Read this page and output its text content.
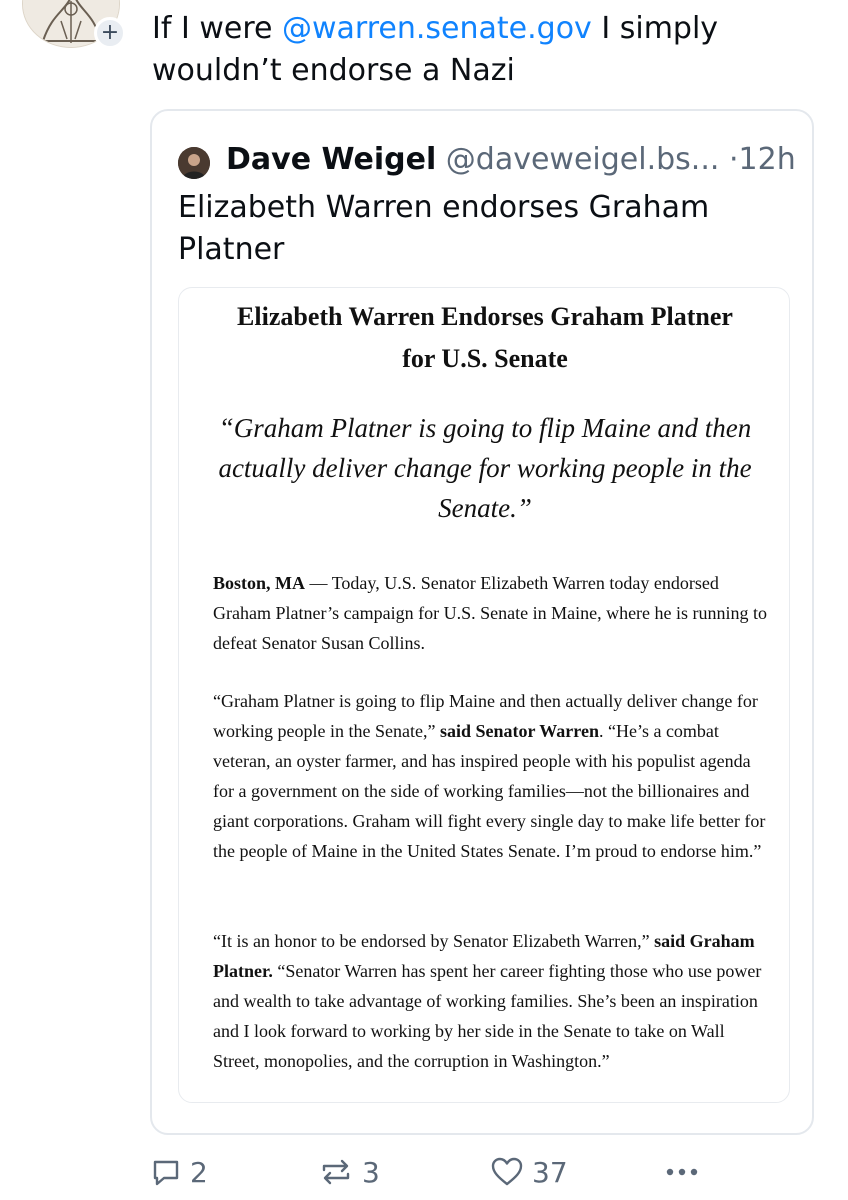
+ If I were @warren.senate.gov I simply wouldn’t endorse a Nazi

Dave Weigel @daveweigel.bs... ·12h

Elizabeth Warren endorses Graham Platner

Elizabeth Warren Endorses Graham Platner for U.S. Senate

“Graham Platner is going to flip Maine and then actually deliver change for working people in the Senate.”

Boston, MA — Today, U.S. Senator Elizabeth Warren today endorsed Graham Platner’s campaign for U.S. Senate in Maine, where he is running to defeat Senator Susan Collins.

“Graham Platner is going to flip Maine and then actually deliver change for working people in the Senate,” said Senator Warren. “He’s a combat veteran, an oyster farmer, and has inspired people with his populist agenda for a government on the side of working families—not the billionaires and giant corporations. Graham will fight every single day to make life better for the people of Maine in the United States Senate. I’m proud to endorse him.”

“It is an honor to be endorsed by Senator Elizabeth Warren,” said Graham Platner. “Senator Warren has spent her career fighting those who use power and wealth to take advantage of working families. She’s been an inspiration and I look forward to working by her side in the Senate to take on Wall Street, monopolies, and the corruption in Washington.”

2	3	37
